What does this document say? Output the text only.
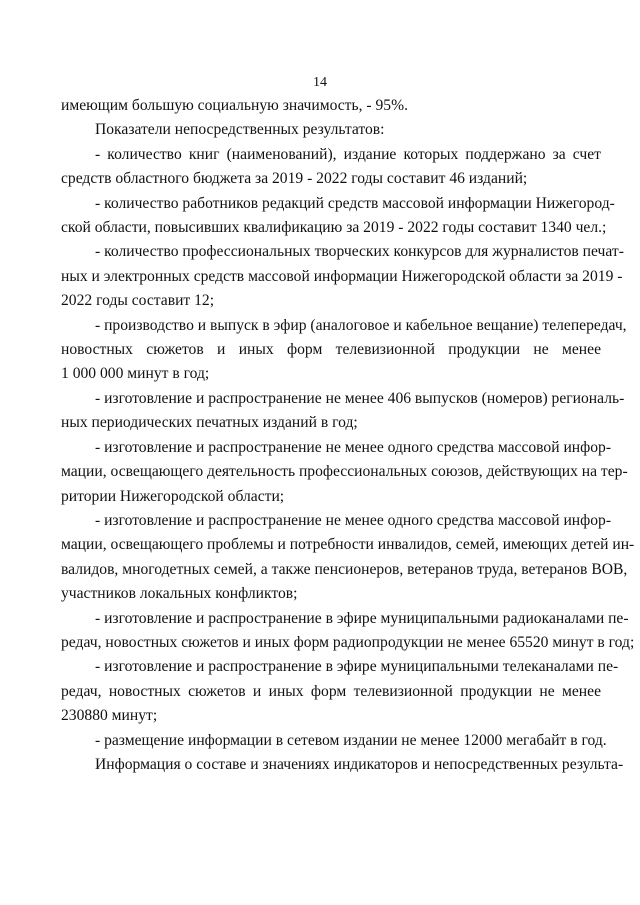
14
имеющим большую социальную значимость, - 95%.
Показатели непосредственных результатов:
- количество книг (наименований), издание которых поддержано за счет
средств областного бюджета за 2019 - 2022 годы составит 46 изданий;
- количество работников редакций средств массовой информации Нижегород-
ской области, повысивших квалификацию за 2019 - 2022 годы составит 1340 чел.;
- количество профессиональных творческих конкурсов для журналистов печат-
ных и электронных средств массовой информации Нижегородской области за 2019 -
2022 годы составит 12;
- производство и выпуск в эфир (аналоговое и кабельное вещание) телепередач,
новостных сюжетов и иных форм телевизионной продукции не менее
1 000 000 минут в год;
- изготовление и распространение не менее 406 выпусков (номеров) региональ-
ных периодических печатных изданий в год;
- изготовление и распространение не менее одного средства массовой инфор-
мации, освещающего деятельность профессиональных союзов, действующих на тер-
ритории Нижегородской области;
- изготовление и распространение не менее одного средства массовой инфор-
мации, освещающего проблемы и потребности инвалидов, семей, имеющих детей ин-
валидов, многодетных семей, а также пенсионеров, ветеранов труда, ветеранов ВОВ,
участников локальных конфликтов;
- изготовление и распространение в эфире муниципальными радиоканалами пе-
редач, новостных сюжетов и иных форм радиопродукции не менее 65520 минут в год;
- изготовление и распространение в эфире муниципальными телеканалами пе-
редач, новостных сюжетов и иных форм телевизионной продукции не менее
230880 минут;
- размещение информации в сетевом издании не менее 12000 мегабайт в год.
Информация о составе и значениях индикаторов и непосредственных результа-
